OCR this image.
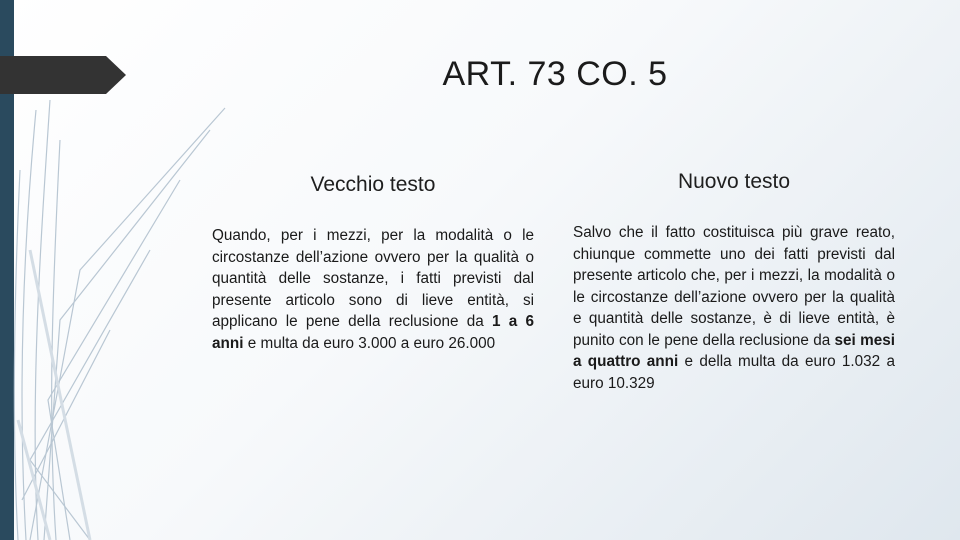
ART. 73 CO. 5
Vecchio testo
Quando, per i mezzi, per la modalità o le circostanze dell’azione ovvero per la qualità o quantità delle sostanze, i fatti previsti dal presente articolo sono di lieve entità, si applicano le pene della reclusione da 1 a 6 anni e multa da euro 3.000 a euro 26.000
Nuovo testo
Salvo che il fatto costituisca più grave reato, chiunque commette uno dei fatti previsti dal presente articolo che, per i mezzi, la modalità o le circostanze dell’azione ovvero per la qualità e quantità delle sostanze, è di lieve entità, è punito con le pene della reclusione da sei mesi a quattro anni e della multa da euro 1.032 a euro 10.329
